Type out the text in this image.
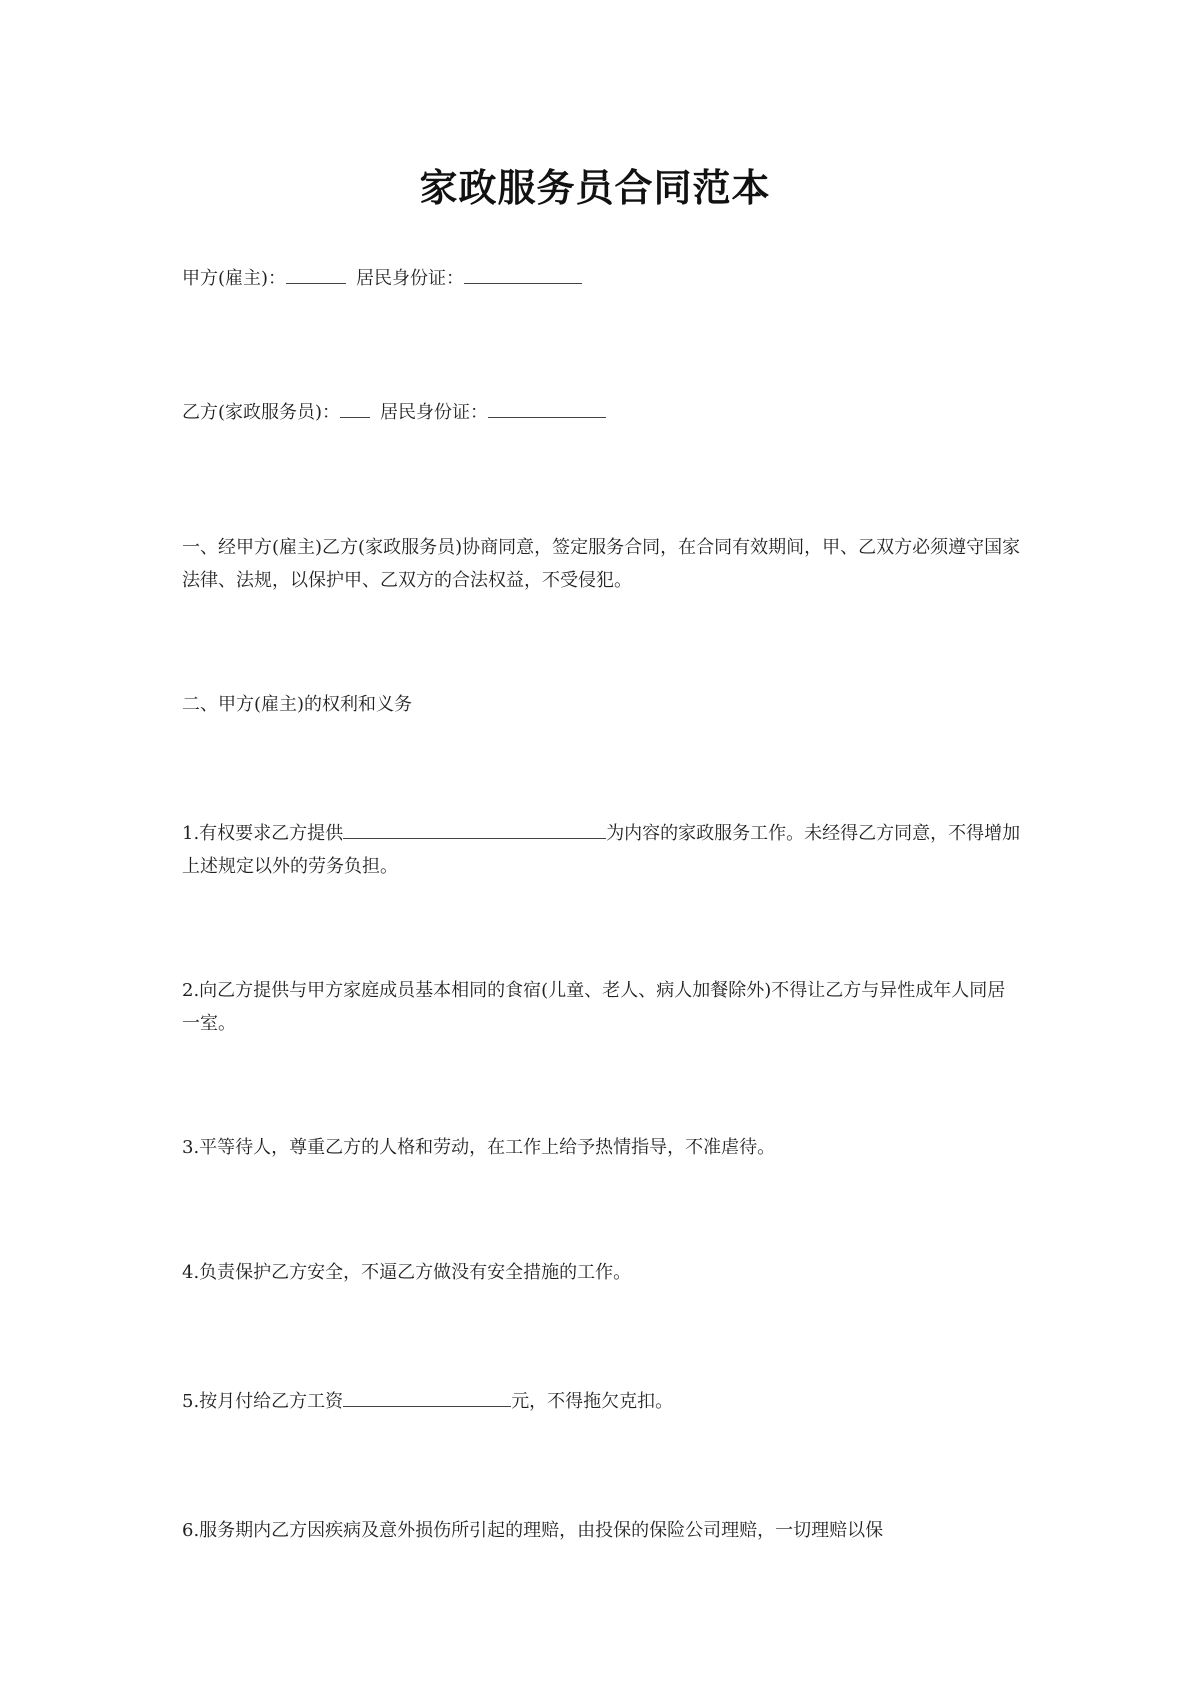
家政服务员合同范本
甲方(雇主)：	居民身份证：
乙方(家政服务员)： 居民身份证：
一、经甲方(雇主)乙方(家政服务员)协商同意，签定服务合同，在合同有效期间，甲、乙双方必须遵守国家法律、法规，以保护甲、乙双方的合法权益，不受侵犯。
二、甲方(雇主)的权利和义务
1.有权要求乙方提供	为内容的家政服务工作。未经得乙方同意，不得增加上述规定以外的劳务负担。
2.向乙方提供与甲方家庭成员基本相同的食宿(儿童、老人、病人加餐除外)不得让乙方与异性成年人同居一室。
3.平等待人，尊重乙方的人格和劳动，在工作上给予热情指导，不准虐待。
4.负责保护乙方安全，不逼乙方做没有安全措施的工作。
5.按月付给乙方工资	元，不得拖欠克扣。
6.服务期内乙方因疾病及意外损伤所引起的理赔，由投保的保险公司理赔，一切理赔以保
